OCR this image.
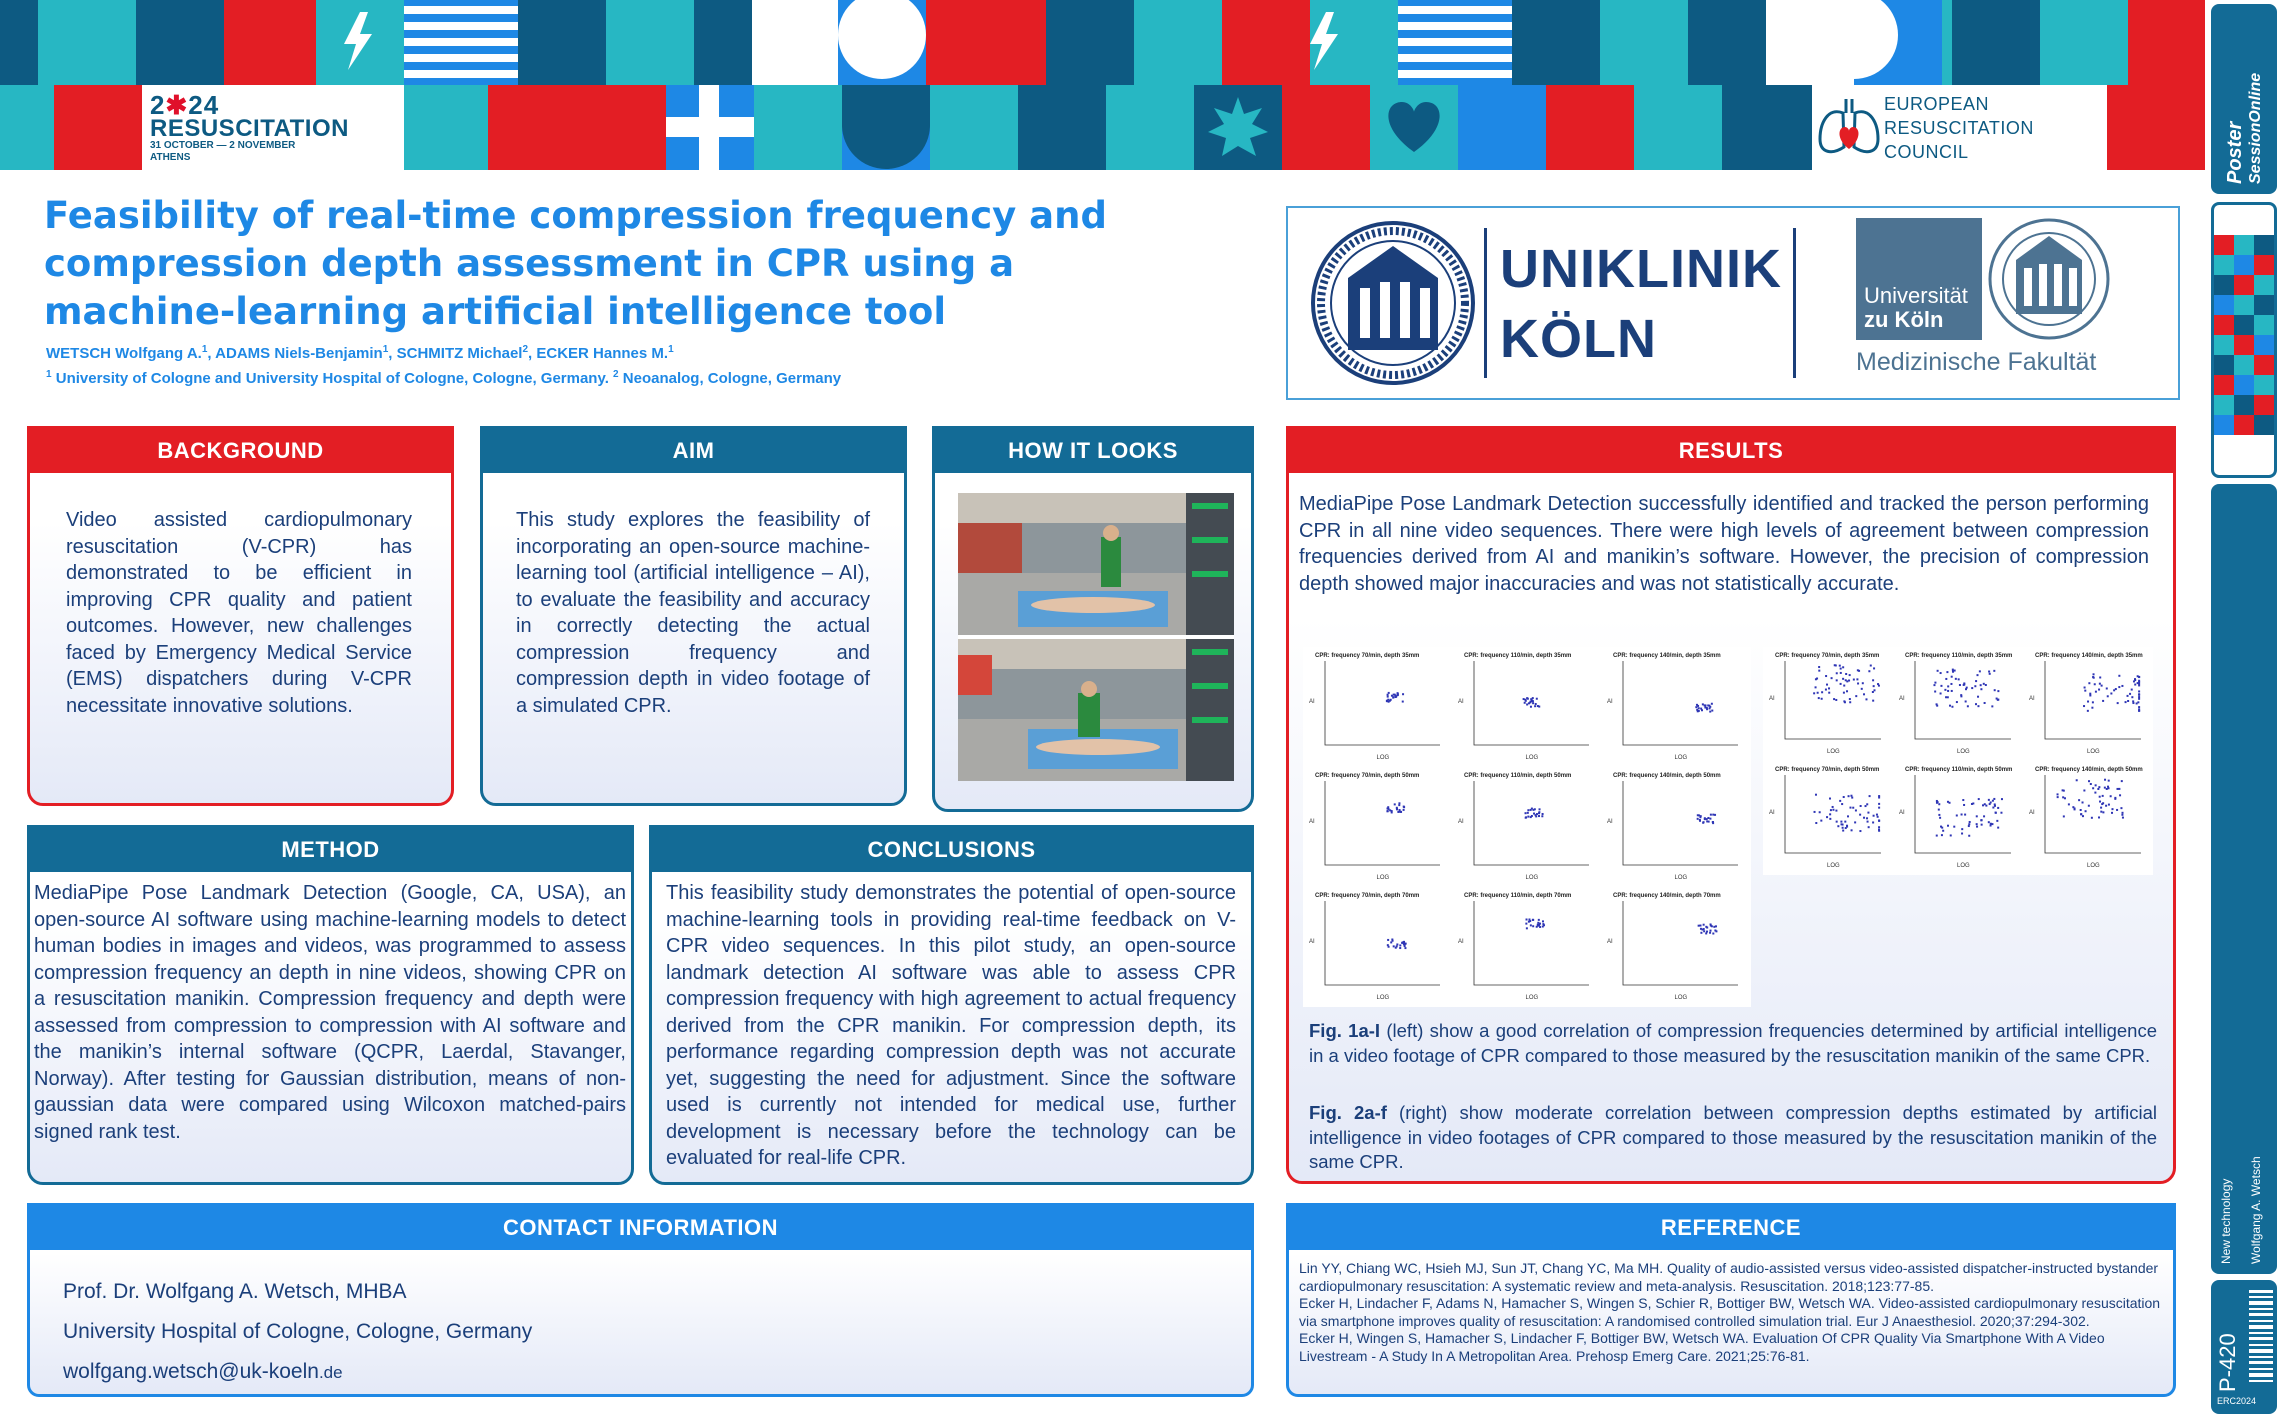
2✱24
RESUSCITATION
31 OCTOBER — 2 NOVEMBER
ATHENS
EUROPEAN
RESUSCITATION
COUNCIL	Poster SessionOnline
New technology Wolfgang A. Wetsch
P-420
ERC2024
Feasibility of real-time compression frequency and
compression depth assessment in CPR using a
machine-learning artificial intelligence tool
WETSCH Wolfgang A.$^1$, ADAMS Niels-Benjamin$^1$, SCHMITZ Michael$^2$, ECKER Hannes M.$^1$
$^1$ University of Cologne and University Hospital of Cologne, Cologne, Germany. $^2$ Neoanalog, Cologne, Germany
UNIKLINIK
KÖLN
Universität
zu Köln
Medizinische Fakultät
BACKGROUND
Video assisted cardiopulmonary resuscitation (V-CPR) has demonstrated to be efficient in improving CPR quality and patient outcomes. However, new challenges faced by Emergency Medical Service (EMS) dispatchers during V-CPR necessitate innovative solutions.
AIM
This study explores the feasibility of incorporating an open-source machine-learning tool (artificial intelligence – AI), to evaluate the feasibility and accuracy in correctly detecting the actual compression frequency and compression depth in video footage of a simulated CPR.
HOW IT LOOKS
METHOD
MediaPipe Pose Landmark Detection (Google, CA, USA), an open-source AI software using machine-learning models to detect human bodies in images and videos, was programmed to assess compression frequency an depth in nine videos, showing CPR on a resuscitation manikin. Compression frequency and depth were assessed from compression to compression with AI software and the manikin’s internal software (QCPR, Laerdal, Stavanger, Norway). After testing for Gaussian distribution, means of non-gaussian data were compared using Wilcoxon matched-pairs signed rank test.
CONCLUSIONS
This feasibility study demonstrates the potential of open-source machine-learning tools in providing real-time feedback on V-CPR video sequences. In this pilot study, an open-source landmark detection AI software was able to assess CPR compression frequency with high agreement to actual frequency derived from the CPR manikin. For compression depth, its performance regarding compression depth was not accurate yet, suggesting the need for adjustment. Since the software used is currently not intended for medical use, further development is necessary before the technology can be evaluated for real-life CPR.
RESULTS
MediaPipe Pose Landmark Detection successfully identified and tracked the person performing CPR in all nine video sequences. There were high levels of agreement between compression frequencies derived from AI and manikin’s software. However, the precision of compression depth showed major inaccuracies and was not statistically accurate.
CPR: frequency 70/min, depth 35mm
LOG
AI
CPR: frequency 110/min, depth 35mm
LOG
AI
CPR: frequency 140/min, depth 35mm
LOG
AI
CPR: frequency 70/min, depth 50mm
LOG
AI
CPR: frequency 110/min, depth 50mm
LOG
AI
CPR: frequency 140/min, depth 50mm
LOG
AI
CPR: frequency 70/min, depth 70mm
LOG
AI
CPR: frequency 110/min, depth 70mm
LOG
AI
CPR: frequency 140/min, depth 70mm
LOG
AI
CPR: frequency 70/min, depth 35mm
LOG
AI
CPR: frequency 110/min, depth 35mm
LOG
AI
CPR: frequency 140/min, depth 35mm
LOG
AI
CPR: frequency 70/min, depth 50mm
LOG
AI
CPR: frequency 110/min, depth 50mm
LOG
AI
CPR: frequency 140/min, depth 50mm
LOG
AI
Fig. 1a-I (left) show a good correlation of compression frequencies determined by artificial intelligence in a video footage of CPR compared to those measured by the resuscitation manikin of the same CPR.
Fig. 2a-f (right) show moderate correlation between compression depths estimated by artificial intelligence in video footages of CPR compared to those measured by the resuscitation manikin of the same CPR.
CONTACT INFORMATION
Prof. Dr. Wolfgang A. Wetsch, MHBA
University Hospital of Cologne, Cologne, Germany
wolfgang.wetsch@uk-koeln.de
REFERENCE
Lin YY, Chiang WC, Hsieh MJ, Sun JT, Chang YC, Ma MH. Quality of audio-assisted versus video-assisted dispatcher-instructed bystander cardiopulmonary resuscitation: A systematic review and meta-analysis. Resuscitation. 2018;123:77-85.
Ecker H, Lindacher F, Adams N, Hamacher S, Wingen S, Schier R, Bottiger BW, Wetsch WA. Video-assisted cardiopulmonary resuscitation via smartphone improves quality of resuscitation: A randomised controlled simulation trial. Eur J Anaesthesiol. 2020;37:294-302.
Ecker H, Wingen S, Hamacher S, Lindacher F, Bottiger BW, Wetsch WA. Evaluation Of CPR Quality Via Smartphone With A Video Livestream - A Study In A Metropolitan Area. Prehosp Emerg Care. 2021;25:76-81.
